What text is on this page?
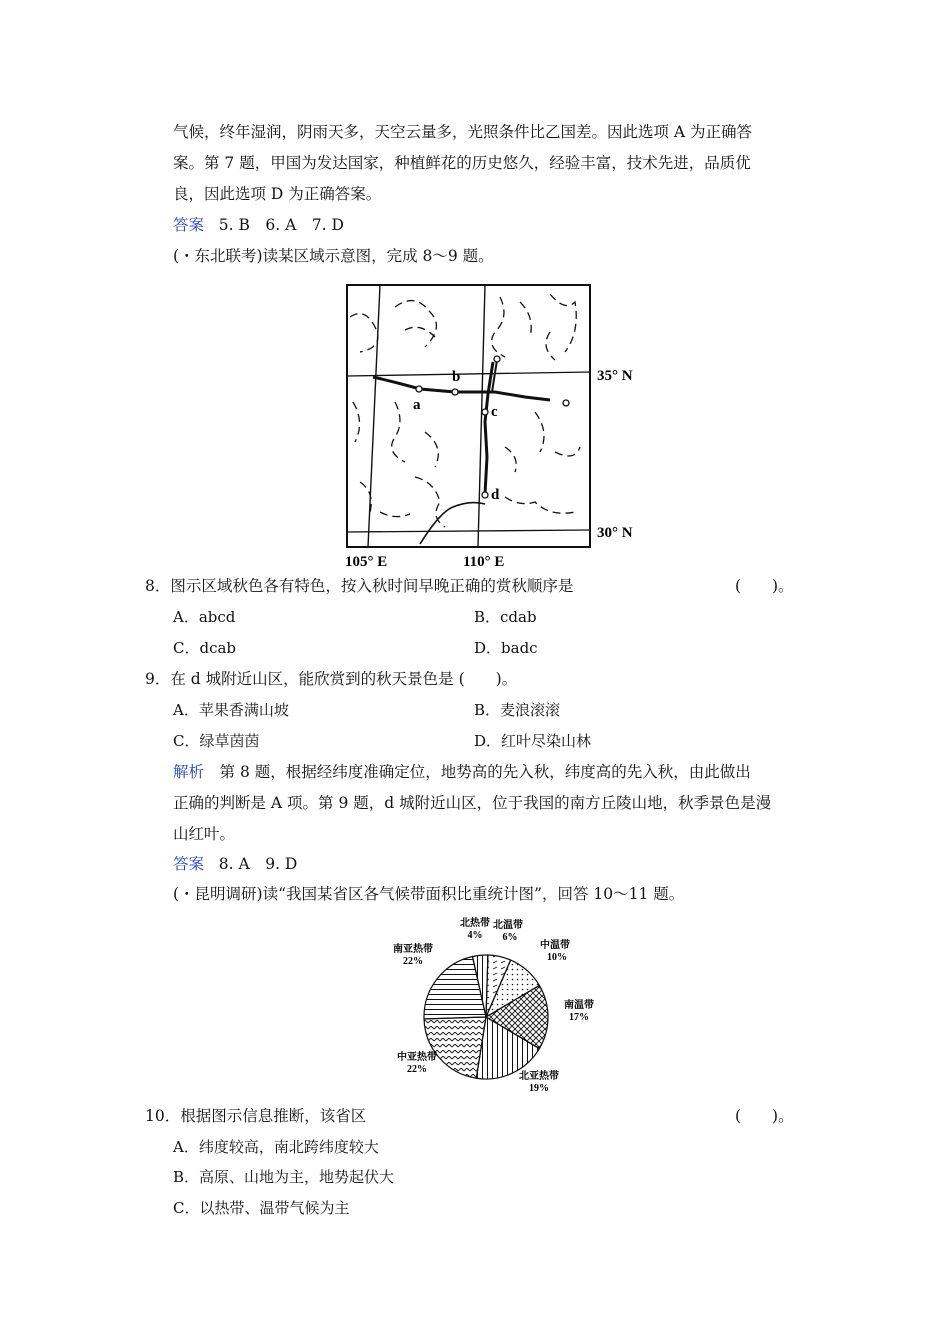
气候，终年湿润，阴雨天多，天空云量多，光照条件比乙国差。因此选项 A 为正确答
案。第 7 题，甲国为发达国家，种植鲜花的历史悠久，经验丰富，技术先进，品质优
良，因此选项 D 为正确答案。
答案 5. B　6. A　7. D
(・东北联考)读某区域示意图，完成 8～9 题。
b
a	c
d
35° N
30° N
105° E	110° E
8．图示区域秋色各有特色，按入秋时间早晚正确的赏秋顺序是	(　　)。
A．abcd	B．cdab
C．dcab	D．badc
9．在 d 城附近山区，能欣赏到的秋天景色是 (　　)。
A．苹果香满山坡	B．麦浪滚滚
C．绿草茵茵	D．红叶尽染山林
解析　第 8 题，根据经纬度准确定位，地势高的先入秋，纬度高的先入秋，由此做出
正确的判断是 A 项。第 9 题，d 城附近山区，位于我国的南方丘陵山地，秋季景色是漫
山红叶。
答案 8. A　9. D
(・昆明调研)读“我国某省区各气候带面积比重统计图”，回答 10～11 题。
北热带
4%
北温带
6%
中温带
10%
南温带
17%
北亚热带
19%
中亚热带
22%
南亚热带
22%
10．根据图示信息推断，该省区	(　　)。
A．纬度较高，南北跨纬度较大
B．高原、山地为主，地势起伏大
C．以热带、温带气候为主
